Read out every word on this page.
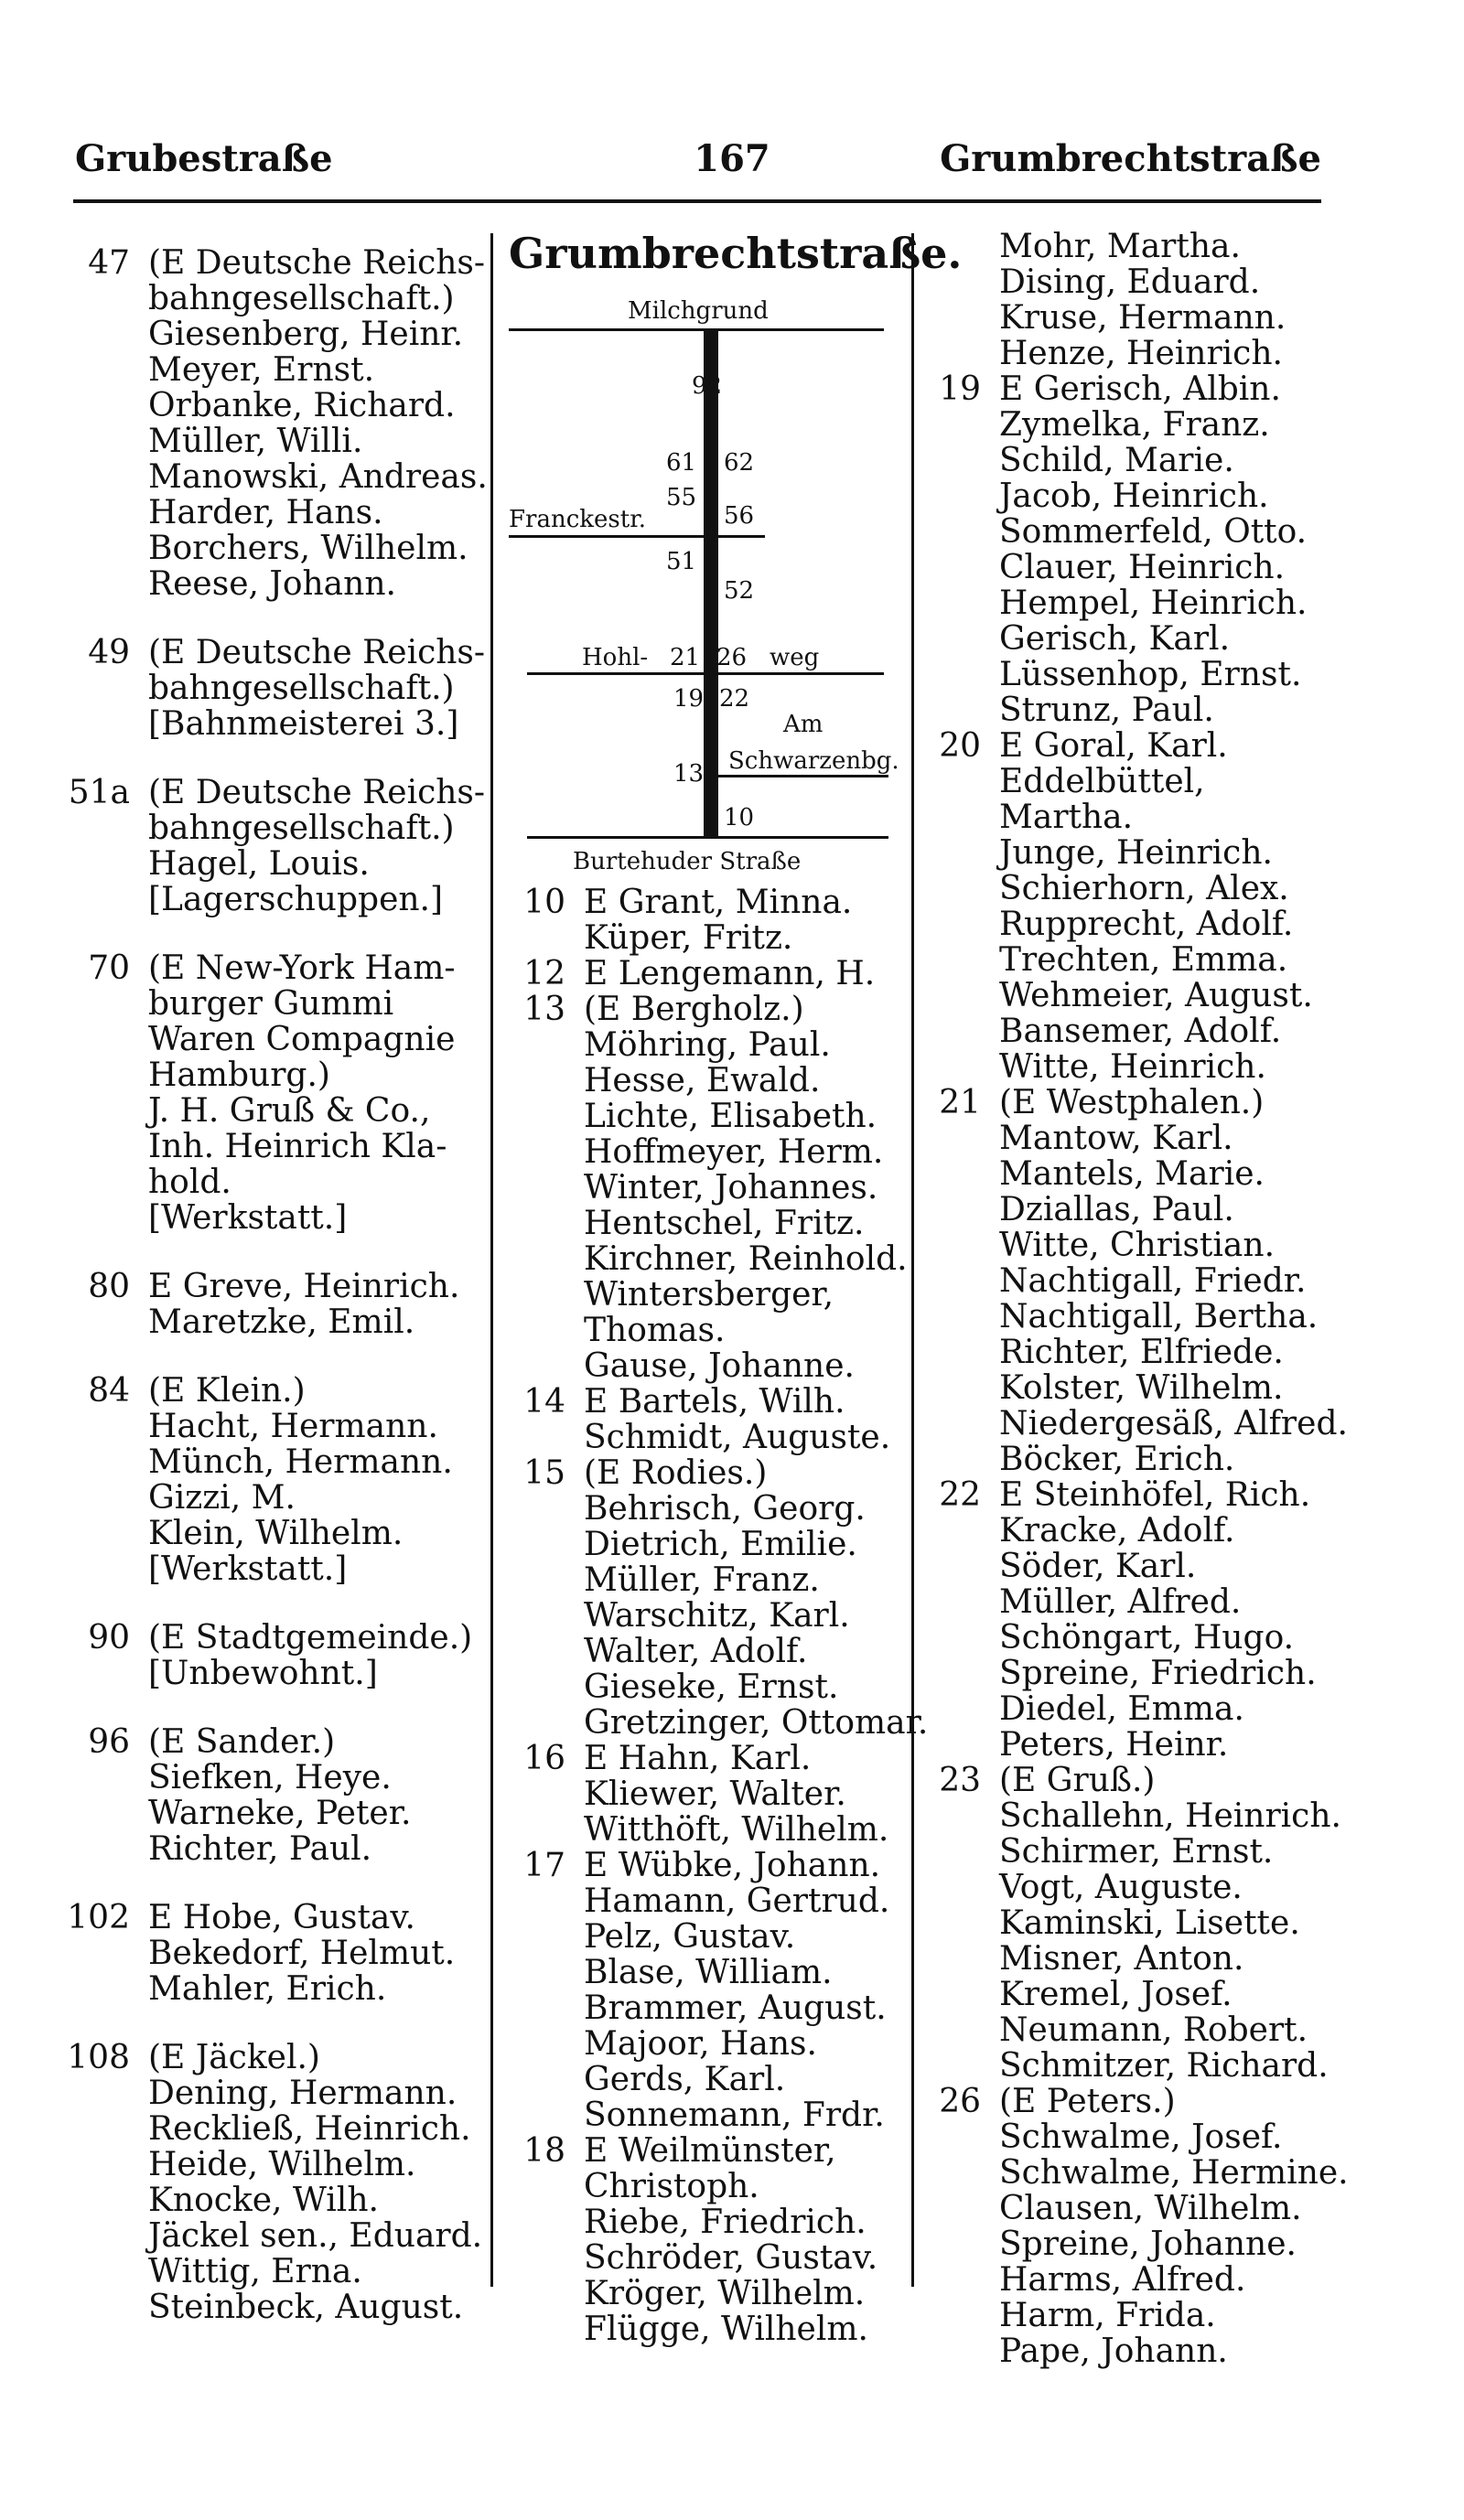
Grubestraße	167	Grumbrechtstraße
47 (E Deutsche Reichs-
bahngesellschaft.)
Giesenberg, Heinr.
Meyer, Ernst.
Orbanke, Richard.
Müller, Willi.
Manowski, Andreas.
Harder, Hans.
Borchers, Wilhelm.
Reese, Johann.
49 (E Deutsche Reichs-
bahngesellschaft.)
[Bahnmeisterei 3.]
51a (E Deutsche Reichs-
bahngesellschaft.)
Hagel, Louis.
[Lagerschuppen.]
70 (E New-York Ham-
burger Gummi
Waren Compagnie
Hamburg.)
J. H. Gruß & Co.,
Inh. Heinrich Kla-
hold.
[Werkstatt.]
80 E Greve, Heinrich.
Maretzke, Emil.
84 (E Klein.)
Hacht, Hermann.
Münch, Hermann.
Gizzi, M.
Klein, Wilhelm.
[Werkstatt.]
90 (E Stadtgemeinde.)
[Unbewohnt.]
96 (E Sander.)
Siefken, Heye.
Warneke, Peter.
Richter, Paul.
102 E Hobe, Gustav.
Bekedorf, Helmut.
Mahler, Erich.
108 (E Jäckel.)
Dening, Hermann.
Reckließ, Heinrich.
Heide, Wilhelm.
Knocke, Wilh.
Jäckel sen., Eduard.
Wittig, Erna.
Steinbeck, August.
Grumbrechtstraße.
Milchgrund
92
61 62
55
Franckestr.	56
51
52
Hohl- 21 26 weg
19 22
Am
Schwarzenbg.
13
10
Burtehuder Straße
10 E Grant, Minna.
Küper, Fritz.
12 E Lengemann, H.
13 (E Bergholz.)
Möhring, Paul.
Hesse, Ewald.
Lichte, Elisabeth.
Hoffmeyer, Herm.
Winter, Johannes.
Hentschel, Fritz.
Kirchner, Reinhold.
Wintersberger,
Thomas.
Gause, Johanne.
14 E Bartels, Wilh.
Schmidt, Auguste.
15 (E Rodies.)
Behrisch, Georg.
Dietrich, Emilie.
Müller, Franz.
Warschitz, Karl.
Walter, Adolf.
Gieseke, Ernst.
Gretzinger, Ottomar.
16 E Hahn, Karl.
Kliewer, Walter.
Witthöft, Wilhelm.
17 E Wübke, Johann.
Hamann, Gertrud.
Pelz, Gustav.
Blase, William.
Brammer, August.
Majoor, Hans.
Gerds, Karl.
Sonnemann, Frdr.
18 E Weilmünster,
Christoph.
Riebe, Friedrich.
Schröder, Gustav.
Kröger, Wilhelm.
Flügge, Wilhelm.
Mohr, Martha.
Dising, Eduard.
Kruse, Hermann.
Henze, Heinrich.
19 E Gerisch, Albin.
Zymelka, Franz.
Schild, Marie.
Jacob, Heinrich.
Sommerfeld, Otto.
Clauer, Heinrich.
Hempel, Heinrich.
Gerisch, Karl.
Lüssenhop, Ernst.
Strunz, Paul.
20 E Goral, Karl.
Eddelbüttel,
Martha.
Junge, Heinrich.
Schierhorn, Alex.
Rupprecht, Adolf.
Trechten, Emma.
Wehmeier, August.
Bansemer, Adolf.
Witte, Heinrich.
21 (E Westphalen.)
Mantow, Karl.
Mantels, Marie.
Dziallas, Paul.
Witte, Christian.
Nachtigall, Friedr.
Nachtigall, Bertha.
Richter, Elfriede.
Kolster, Wilhelm.
Niedergesäß, Alfred.
Böcker, Erich.
22 E Steinhöfel, Rich.
Kracke, Adolf.
Söder, Karl.
Müller, Alfred.
Schöngart, Hugo.
Spreine, Friedrich.
Diedel, Emma.
Peters, Heinr.
23 (E Gruß.)
Schallehn, Heinrich.
Schirmer, Ernst.
Vogt, Auguste.
Kaminski, Lisette.
Misner, Anton.
Kremel, Josef.
Neumann, Robert.
Schmitzer, Richard.
26 (E Peters.)
Schwalme, Josef.
Schwalme, Hermine.
Clausen, Wilhelm.
Spreine, Johanne.
Harms, Alfred.
Harm, Frida.
Pape, Johann.
